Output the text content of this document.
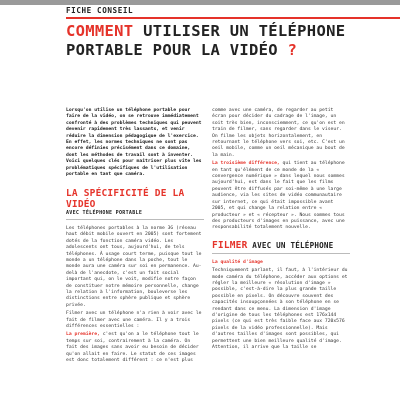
FICHE CONSEIL
COMMENT UTILISER UN TÉLÉPHONE PORTABLE POUR LA VIDÉO ?

Lorsqu'on utilise un téléphone portable pour faire de la vidéo, on se retrouve immédiatement confronté à des problèmes techniques qui peuvent devenir rapidement très lassants, et venir réduire la dimension pédagogique de l'exercice. En effet, les normes techniques ne sont pas encore définies précisément dans ce domaine, dont les méthodes de travail sont à inventer. Voici quelques clés pour maîtriser plus vite les problématiques spécifiques de l'utilisation portable en tant que caméra.

LA SPÉCIFICITÉ DE LA VIDÉO
AVEC TÉLÉPHONE PORTABLE

Les téléphones portables à la norme 3G (réseau haut débit mobile ouvert en 2005) sont fortement dotés de la fonction caméra vidéo. Les adolescents ont tous, aujourd'hui, de tels téléphones. À usage court terme, puisque tout le monde a un téléphone dans la poche, tout le monde aura une caméra sur soi en permanence. Au-delà de l'anecdote, c'est un fait social important qui, on le voit, modifie notre façon de constituer notre mémoire personnelle, change la relation à l'information, bouleverse les distinctions entre sphère publique et sphère privée.

Filmer avec un téléphone n'a rien à voir avec le fait de filmer avec une caméra. Il y a trois différences essentielles :

La première, c'est qu'on a le téléphone tout le temps sur soi, contrairement à la caméra. On fait des images sans avoir eu besoin de décider qu'on allait en faire. Le statut de ces images est donc totalement différent : ce n'est plus

comme avec une caméra, de regarder au petit écran pour décider du cadrage de l'image, un soit très bien, inconsciemment, ce qu'on est en train de filmer, sans regarder dans le viseur. On filme les objets horizontalement, en retournant le téléphone vers soi, etc. C'est un oeil mobile, comme un oeil mécanique au bout de la main.

La troisième différence, qui tient au téléphone en tant qu'élément de ce monde de la « convergence numérique » dans lequel nous sommes aujourd'hui, est dans le fait que les films peuvent être diffusés par soi-même à une large audience, via les sites de vidéo communautaire sur internet, ce qui était impossible avant 2005, et qui change la relation entre « producteur » et « récepteur ». Nous sommes tous des producteurs d'images en puissance, avec une responsabilité totalement nouvelle.

FILMER AVEC UN TÉLÉPHONE

La qualité d'image

Techniquement parlant, il faut, à l'intérieur du mode caméra du téléphone, accéder aux options et régler la meilleure « résolution d'image » possible, c'est-à-dire la plus grande taille possible en pixels. On découvre souvent des capacités insoupçonnées à son téléphone en se rendant dans ce menu. La dimension d'image d'origine de tous les téléphones est 176x144 pixels (ce qui est très faible face aux 720x576 pixels de la vidéo professionnelle). Mais d'autres tailles d'images sont possibles, qui permettent une bien meilleure qualité d'image. Attention, il arrive que la taille se
